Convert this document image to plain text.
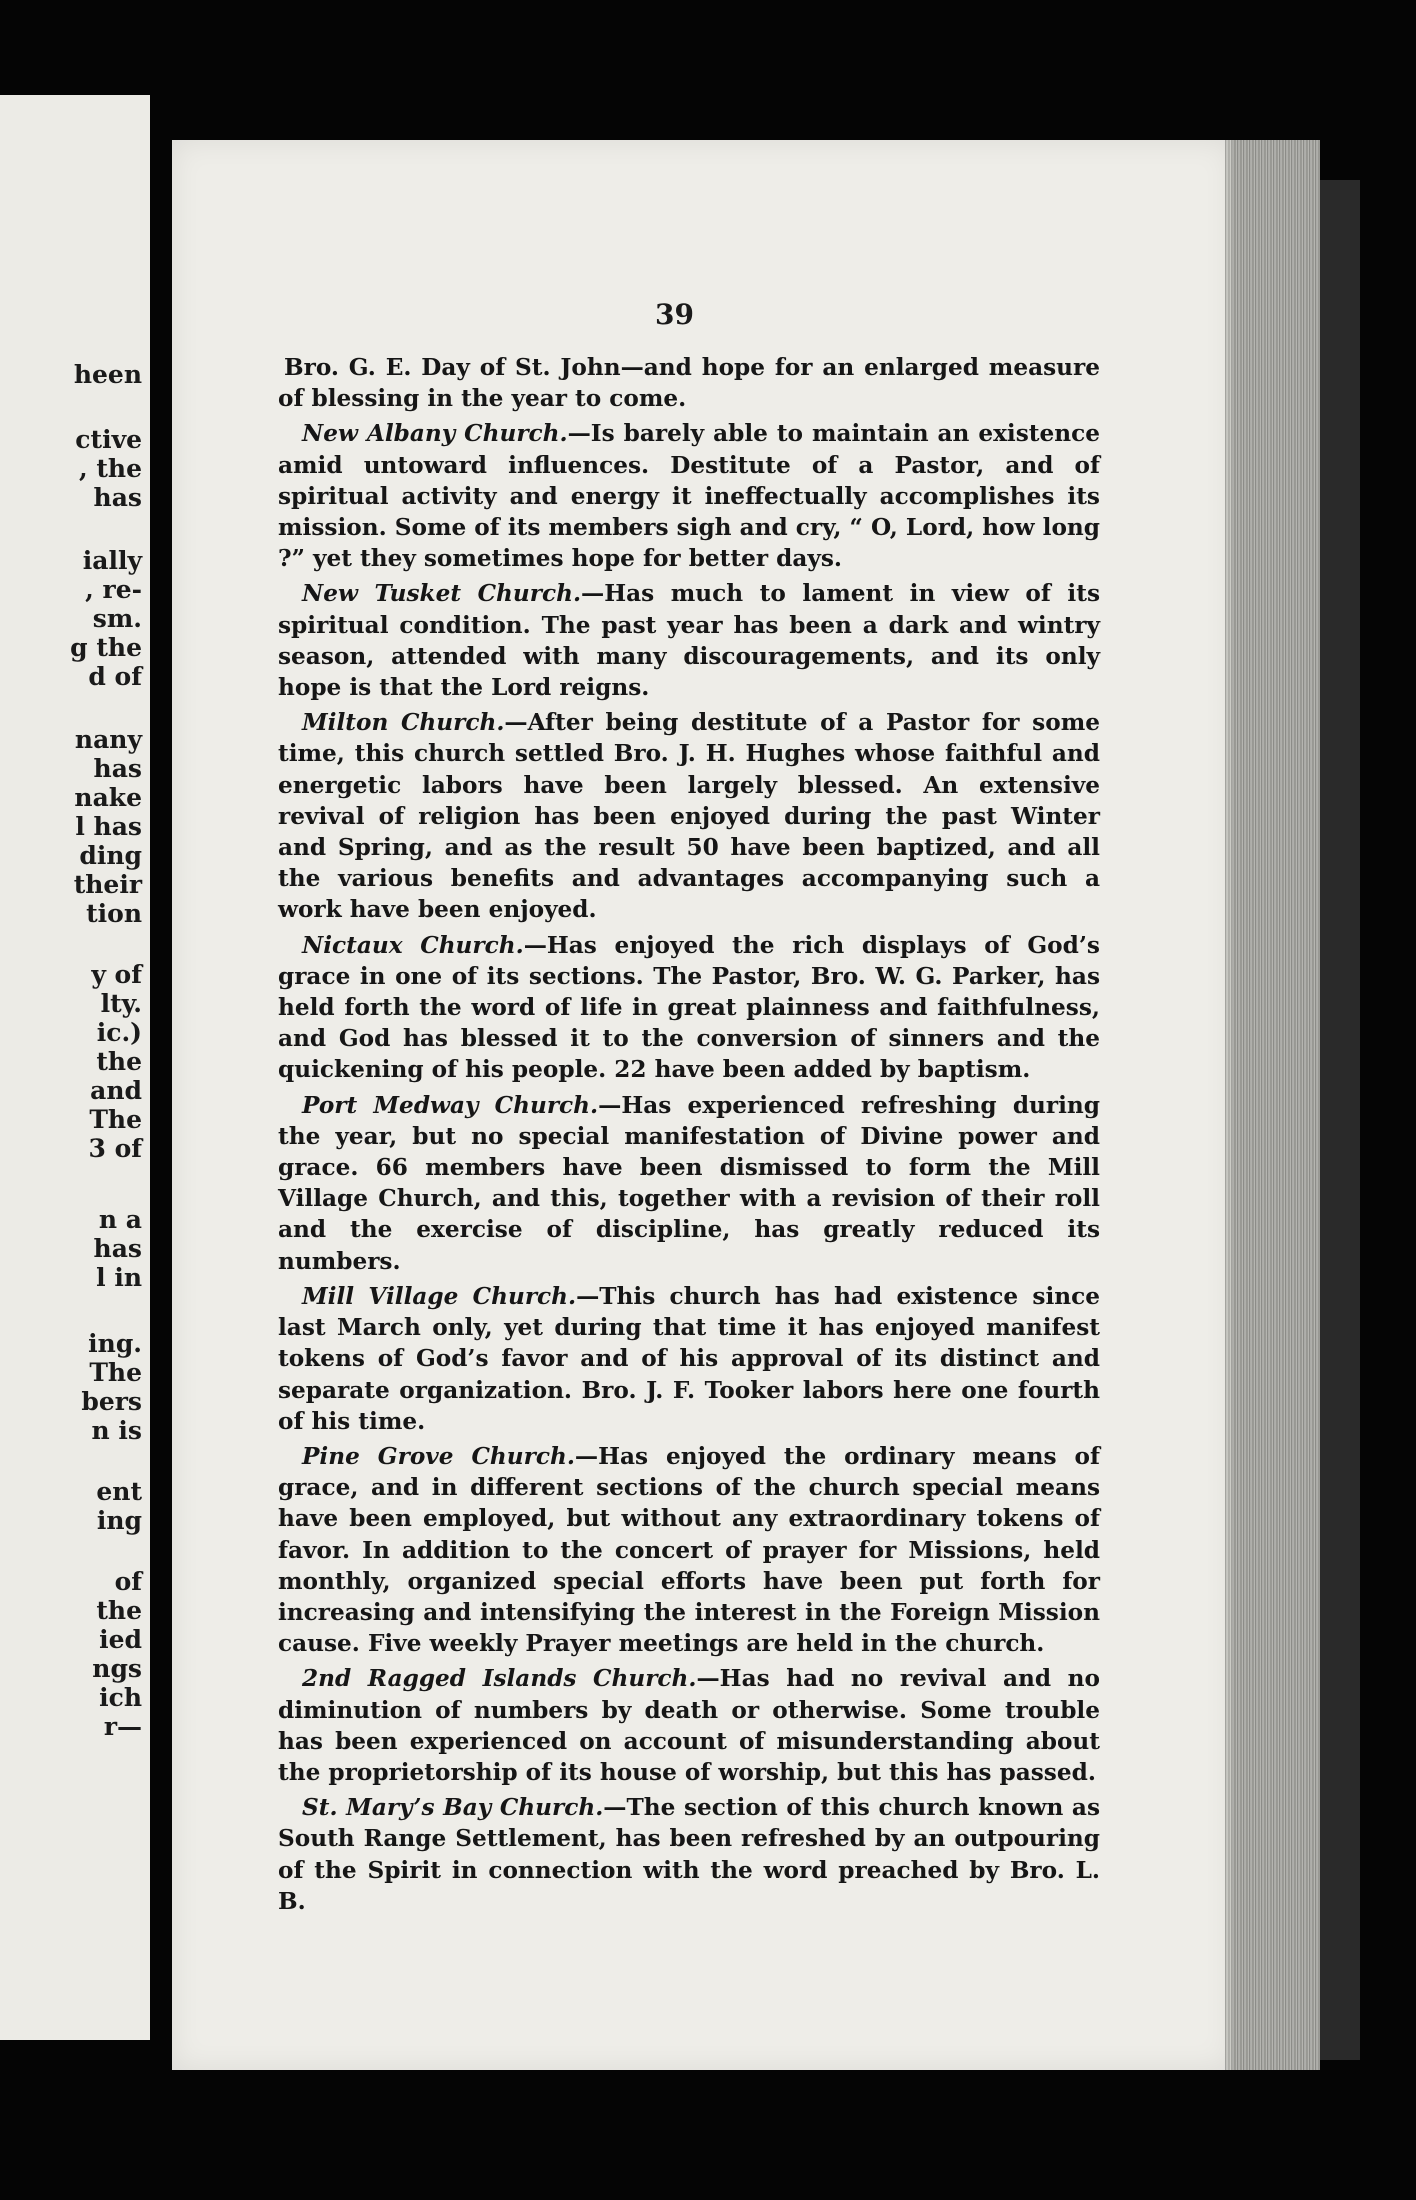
heen
ctive
, the
has
ially
, re-
sm.
g the
d of
nany
has
nake
l has
ding
their
tion
y of
lty.
ic.)
the
and
The
3 of
n a
has
l in
ing.
The
bers
n is
ent
ing
of
the
ied
ngs
ich
r—
39

Bro. G. E. Day of St. John—and hope for an enlarged measure of blessing in the year to come.

New Albany Church.—Is barely able to maintain an existence amid untoward influences. Destitute of a Pastor, and of spiritual activity and energy it ineffectually accomplishes its mission. Some of its members sigh and cry, “ O, Lord, how long ?” yet they sometimes hope for better days.

New Tusket Church.—Has much to lament in view of its spiritual condition. The past year has been a dark and wintry season, attended with many discouragements, and its only hope is that the Lord reigns.

Milton Church.—After being destitute of a Pastor for some time, this church settled Bro. J. H. Hughes whose faithful and energetic labors have been largely blessed. An extensive revival of religion has been enjoyed during the past Winter and Spring, and as the result 50 have been baptized, and all the various benefits and advantages accompanying such a work have been enjoyed.

Nictaux Church.—Has enjoyed the rich displays of God’s grace in one of its sections. The Pastor, Bro. W. G. Parker, has held forth the word of life in great plainness and faithfulness, and God has blessed it to the conversion of sinners and the quickening of his people. 22 have been added by baptism.

Port Medway Church.—Has experienced refreshing during the year, but no special manifestation of Divine power and grace. 66 members have been dismissed to form the Mill Village Church, and this, together with a revision of their roll and the exercise of discipline, has greatly reduced its numbers.

Mill Village Church.—This church has had existence since last March only, yet during that time it has enjoyed manifest tokens of God’s favor and of his approval of its distinct and separate organization. Bro. J. F. Tooker labors here one fourth of his time.

Pine Grove Church.—Has enjoyed the ordinary means of grace, and in different sections of the church special means have been employed, but without any extraordinary tokens of favor. In addition to the concert of prayer for Missions, held monthly, organized special efforts have been put forth for increasing and intensifying the interest in the Foreign Mission cause. Five weekly Prayer meetings are held in the church.

2nd Ragged Islands Church.—Has had no revival and no diminution of numbers by death or otherwise. Some trouble has been experienced on account of misunderstanding about the proprietorship of its house of worship, but this has passed.

St. Mary’s Bay Church.—The section of this church known as South Range Settlement, has been refreshed by an outpouring of the Spirit in connection with the word preached by Bro. L. B.
